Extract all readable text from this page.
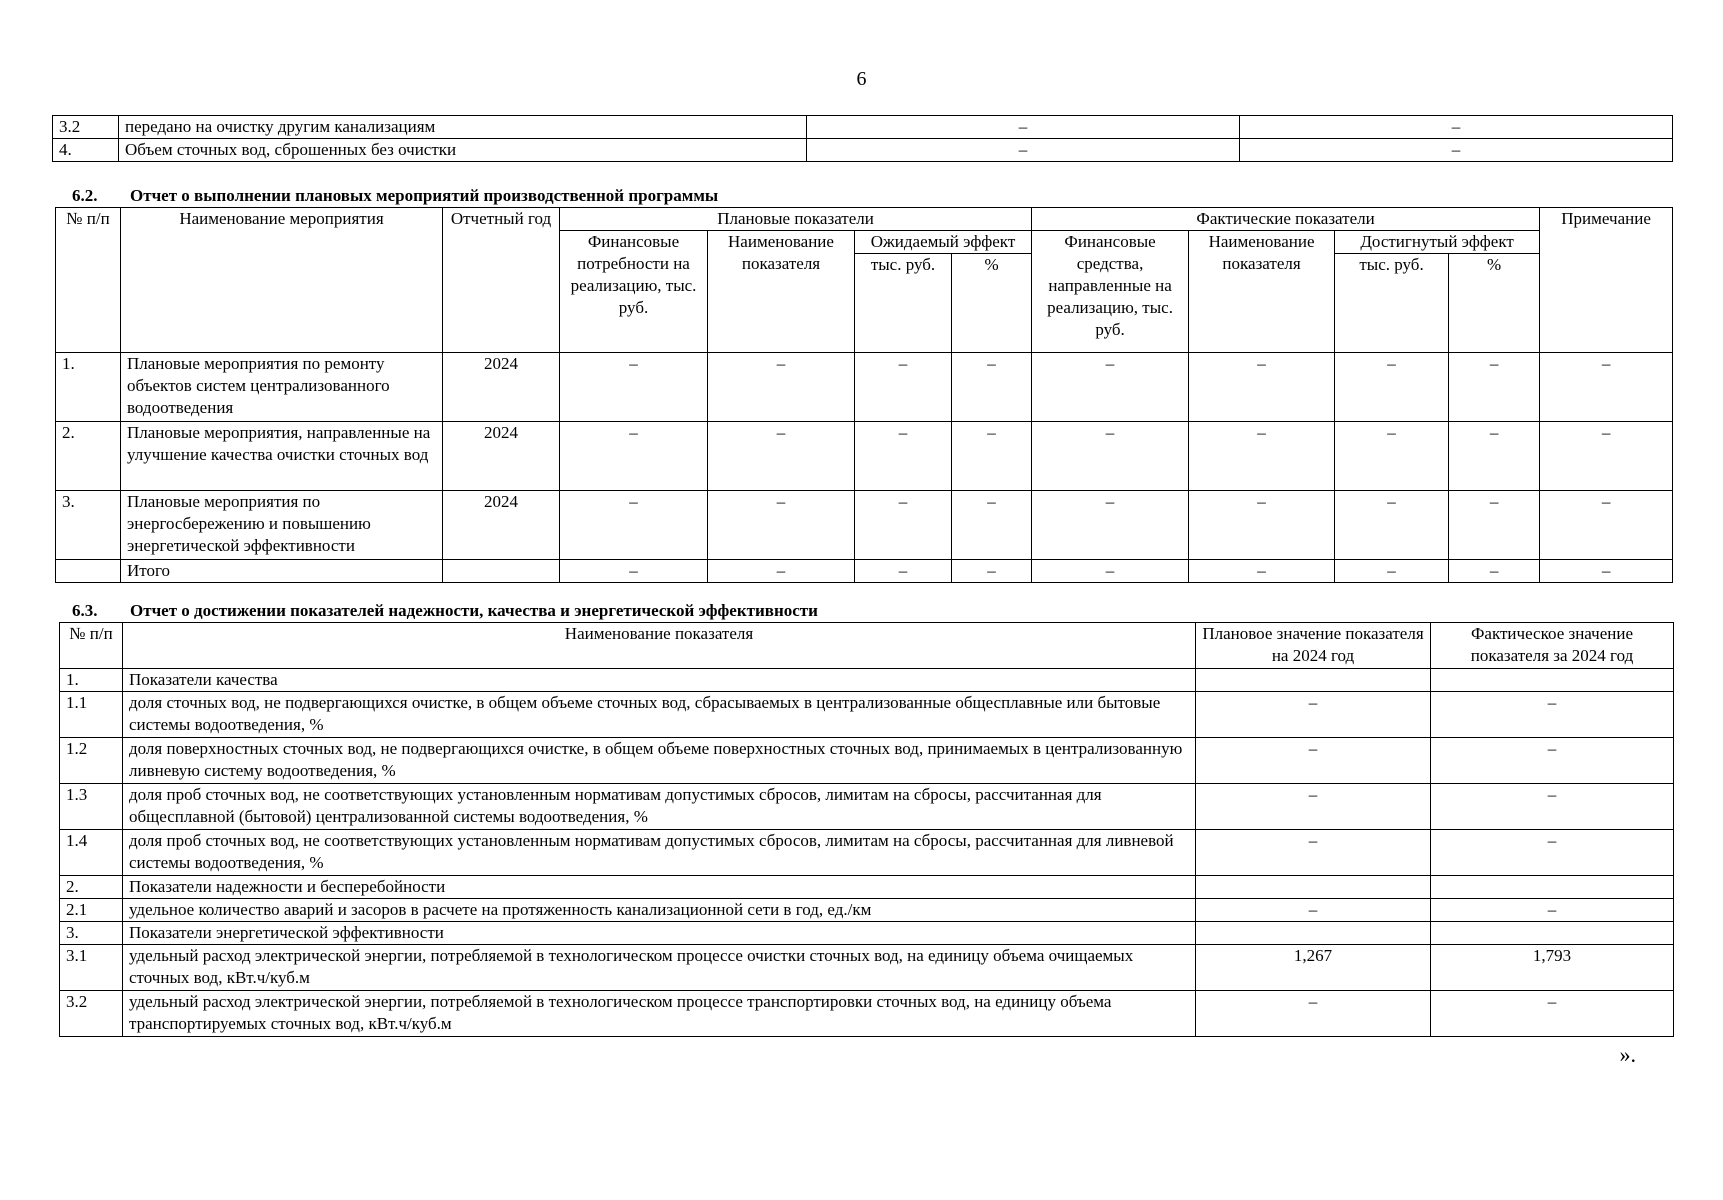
6
3.2	передано на очистку другим канализациям	–	–
4.	Объем сточных вод, сброшенных без очистки	–	–
6.2. Отчет о выполнении плановых мероприятий производственной программы
№ п/п	Наименование мероприятия	Отчетный год	Плановые показатели				Фактические показатели				Примечание
			Финансовые потребности на реализацию, тыс. руб.	Наименование показателя	Ожидаемый эффект		Финансовые средства, направленные на реализацию, тыс. руб.	Наименование показателя	Достигнутый эффект		
					тыс. руб.	%			тыс. руб.	%	
1.	Плановые мероприятия по ремонту объектов систем централизованного водоотведения	2024	–	–	–	–	–	–	–	–	–
2.	Плановые мероприятия, направленные на улучшение качества очистки сточных вод	2024	–	–	–	–	–	–	–	–	–
3.	Плановые мероприятия по энергосбережению и повышению энергетической эффективности	2024	–	–	–	–	–	–	–	–	–
	Итого		–	–	–	–	–	–	–	–	–
6.3. Отчет о достижении показателей надежности, качества и энергетической эффективности
№ п/п	Наименование показателя	Плановое значение показателя на 2024 год	Фактическое значение показателя за 2024 год
1.	Показатели качества		
1.1	доля сточных вод, не подвергающихся очистке, в общем объеме сточных вод, сбрасываемых в централизованные общесплавные или бытовые системы водоотведения, %	–	–
1.2	доля поверхностных сточных вод, не подвергающихся очистке, в общем объеме поверхностных сточных вод, принимаемых в централизованную ливневую систему водоотведения, %	–	–
1.3	доля проб сточных вод, не соответствующих установленным нормативам допустимых сбросов, лимитам на сбросы, рассчитанная для общесплавной (бытовой) централизованной системы водоотведения, %	–	–
1.4	доля проб сточных вод, не соответствующих установленным нормативам допустимых сбросов, лимитам на сбросы, рассчитанная для ливневой системы водоотведения, %	–	–
2.	Показатели надежности и бесперебойности		
2.1	удельное количество аварий и засоров в расчете на протяженность канализационной сети в год, ед./км	–	–
3.	Показатели энергетической эффективности		
3.1	удельный расход электрической энергии, потребляемой в технологическом процессе очистки сточных вод, на единицу объема очищаемых сточных вод, кВт.ч/куб.м	1,267	1,793
3.2	удельный расход электрической энергии, потребляемой в технологическом процессе транспортировки сточных вод, на единицу объема транспортируемых сточных вод, кВт.ч/куб.м	–	–
».
